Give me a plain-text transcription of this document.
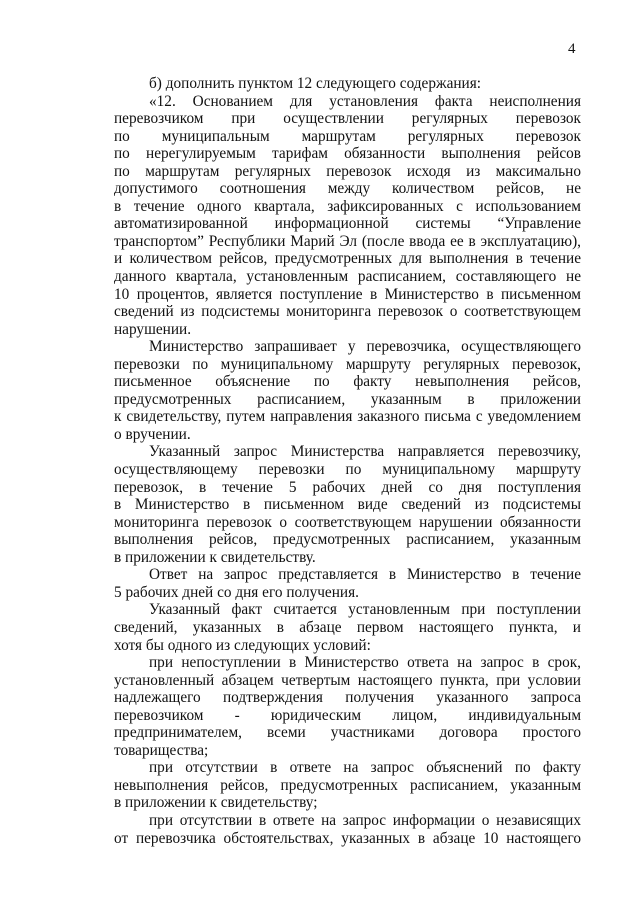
4
б) дополнить пунктом 12 следующего содержания:
«12. Основанием для установления факта неисполнения
перевозчиком при осуществлении регулярных перевозок
по муниципальным маршрутам регулярных перевозок
по нерегулируемым тарифам обязанности выполнения рейсов
по маршрутам регулярных перевозок исходя из максимально
допустимого соотношения между количеством рейсов, не
в течение одного квартала, зафиксированных с использованием
автоматизированной информационной системы “Управление
транспортом” Республики Марий Эл (после ввода ее в эксплуатацию),
и количеством рейсов, предусмотренных для выполнения в течение
данного квартала, установленным расписанием, составляющего не
10 процентов, является поступление в Министерство в письменном
сведений из подсистемы мониторинга перевозок о соответствующем
нарушении.
Министерство запрашивает у перевозчика, осуществляющего
перевозки по муниципальному маршруту регулярных перевозок,
письменное объяснение по факту невыполнения рейсов,
предусмотренных расписанием, указанным в приложении
к свидетельству, путем направления заказного письма с уведомлением
о вручении.
Указанный запрос Министерства направляется перевозчику,
осуществляющему перевозки по муниципальному маршруту
перевозок, в течение 5 рабочих дней со дня поступления
в Министерство в письменном виде сведений из подсистемы
мониторинга перевозок о соответствующем нарушении обязанности
выполнения рейсов, предусмотренных расписанием, указанным
в приложении к свидетельству.
Ответ на запрос представляется в Министерство в течение
5 рабочих дней со дня его получения.
Указанный факт считается установленным при поступлении
сведений, указанных в абзаце первом настоящего пункта, и
хотя бы одного из следующих условий:
при непоступлении в Министерство ответа на запрос в срок,
установленный абзацем четвертым настоящего пункта, при условии
надлежащего подтверждения получения указанного запроса
перевозчиком - юридическим лицом, индивидуальным
предпринимателем, всеми участниками договора простого
товарищества;
при отсутствии в ответе на запрос объяснений по факту
невыполнения рейсов, предусмотренных расписанием, указанным
в приложении к свидетельству;
при отсутствии в ответе на запрос информации о независящих
от перевозчика обстоятельствах, указанных в абзаце 10 настоящего
